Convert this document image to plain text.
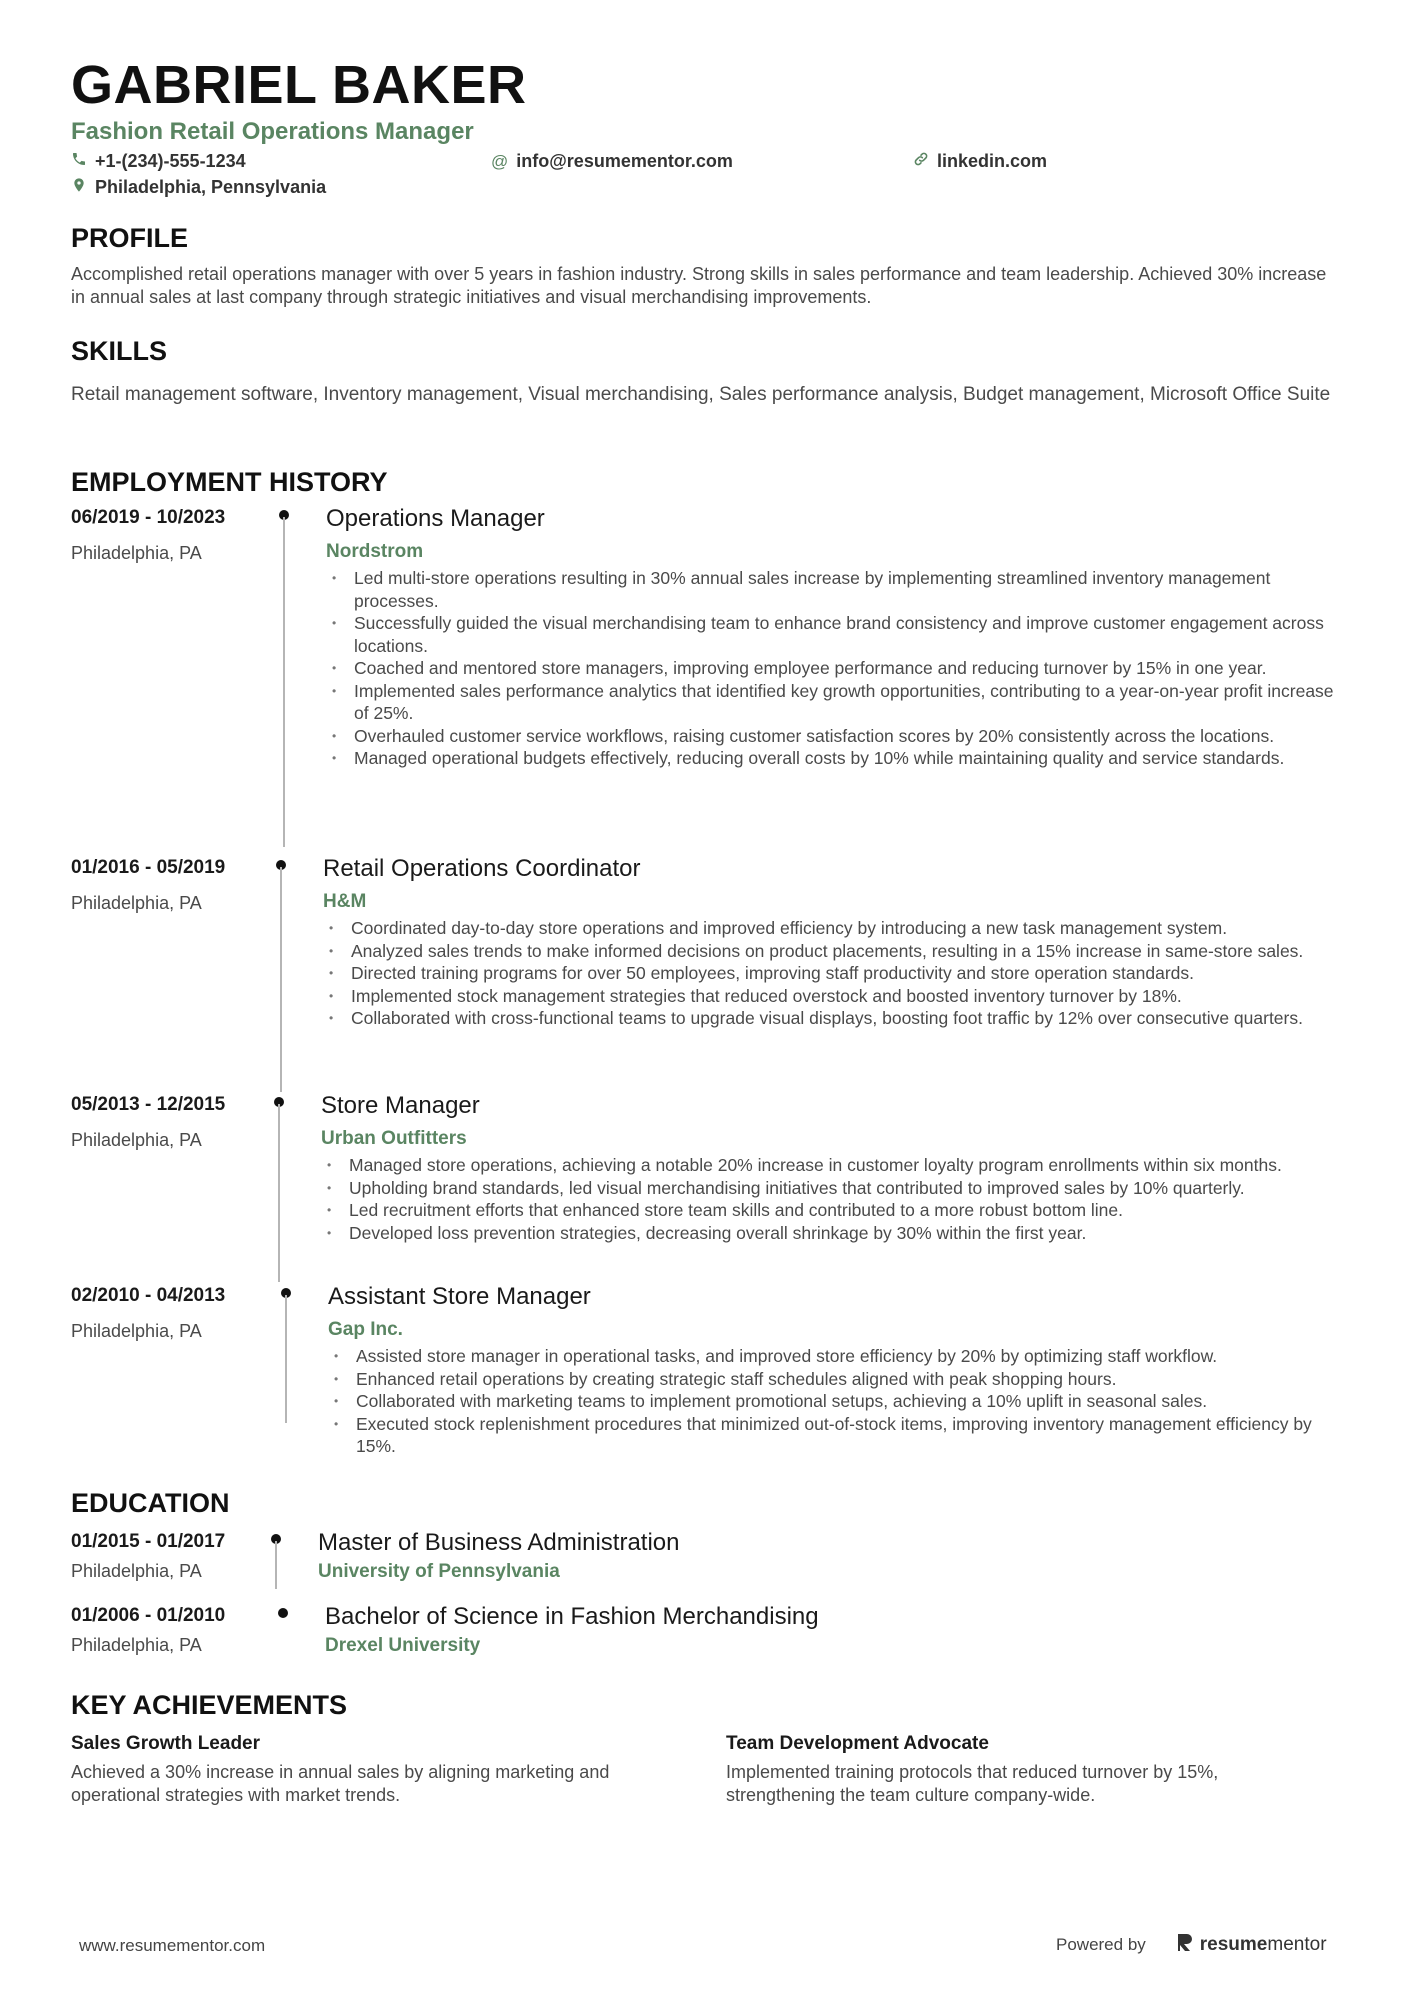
GABRIEL BAKER
Fashion Retail Operations Manager
+1-(234)-555-1234	@ info@resumementor.com	linkedin.com
Philadelphia, Pennsylvania
PROFILE

Accomplished retail operations manager with over 5 years in fashion industry. Strong skills in sales performance and team leadership. Achieved 30% increase in annual sales at last company through strategic initiatives and visual merchandising improvements.

SKILLS

Retail management software, Inventory management, Visual merchandising, Sales performance analysis, Budget management, Microsoft Office Suite

EMPLOYMENT HISTORY
06/2019 - 10/2023
Philadelphia, PA
Operations Manager
Nordstrom
• Led multi-store operations resulting in 30% annual sales increase by implementing streamlined inventory management processes.
• Successfully guided the visual merchandising team to enhance brand consistency and improve customer engagement across locations.
• Coached and mentored store managers, improving employee performance and reducing turnover by 15% in one year.
• Implemented sales performance analytics that identified key growth opportunities, contributing to a year-on-year profit increase of 25%.
• Overhauled customer service workflows, raising customer satisfaction scores by 20% consistently across the locations.
• Managed operational budgets effectively, reducing overall costs by 10% while maintaining quality and service standards.
01/2016 - 05/2019
Philadelphia, PA
Retail Operations Coordinator
H&M
• Coordinated day-to-day store operations and improved efficiency by introducing a new task management system.
• Analyzed sales trends to make informed decisions on product placements, resulting in a 15% increase in same-store sales.
• Directed training programs for over 50 employees, improving staff productivity and store operation standards.
• Implemented stock management strategies that reduced overstock and boosted inventory turnover by 18%.
• Collaborated with cross-functional teams to upgrade visual displays, boosting foot traffic by 12% over consecutive quarters.
05/2013 - 12/2015
Philadelphia, PA
Store Manager
Urban Outfitters
• Managed store operations, achieving a notable 20% increase in customer loyalty program enrollments within six months.
• Upholding brand standards, led visual merchandising initiatives that contributed to improved sales by 10% quarterly.
• Led recruitment efforts that enhanced store team skills and contributed to a more robust bottom line.
• Developed loss prevention strategies, decreasing overall shrinkage by 30% within the first year.
02/2010 - 04/2013
Philadelphia, PA
Assistant Store Manager
Gap Inc.
• Assisted store manager in operational tasks, and improved store efficiency by 20% by optimizing staff workflow.
• Enhanced retail operations by creating strategic staff schedules aligned with peak shopping hours.
• Collaborated with marketing teams to implement promotional setups, achieving a 10% uplift in seasonal sales.
• Executed stock replenishment procedures that minimized out-of-stock items, improving inventory management efficiency by 15%.
EDUCATION
01/2015 - 01/2017
Philadelphia, PA
Master of Business Administration
University of Pennsylvania
01/2006 - 01/2010
Philadelphia, PA
Bachelor of Science in Fashion Merchandising
Drexel University
KEY ACHIEVEMENTS

Sales Growth Leader

Achieved a 30% increase in annual sales by aligning marketing and operational strategies with market trends.

Team Development Advocate

Implemented training protocols that reduced turnover by 15%, strengthening the team culture company-wide.

www.resumementor.com	Powered by	resumementor
